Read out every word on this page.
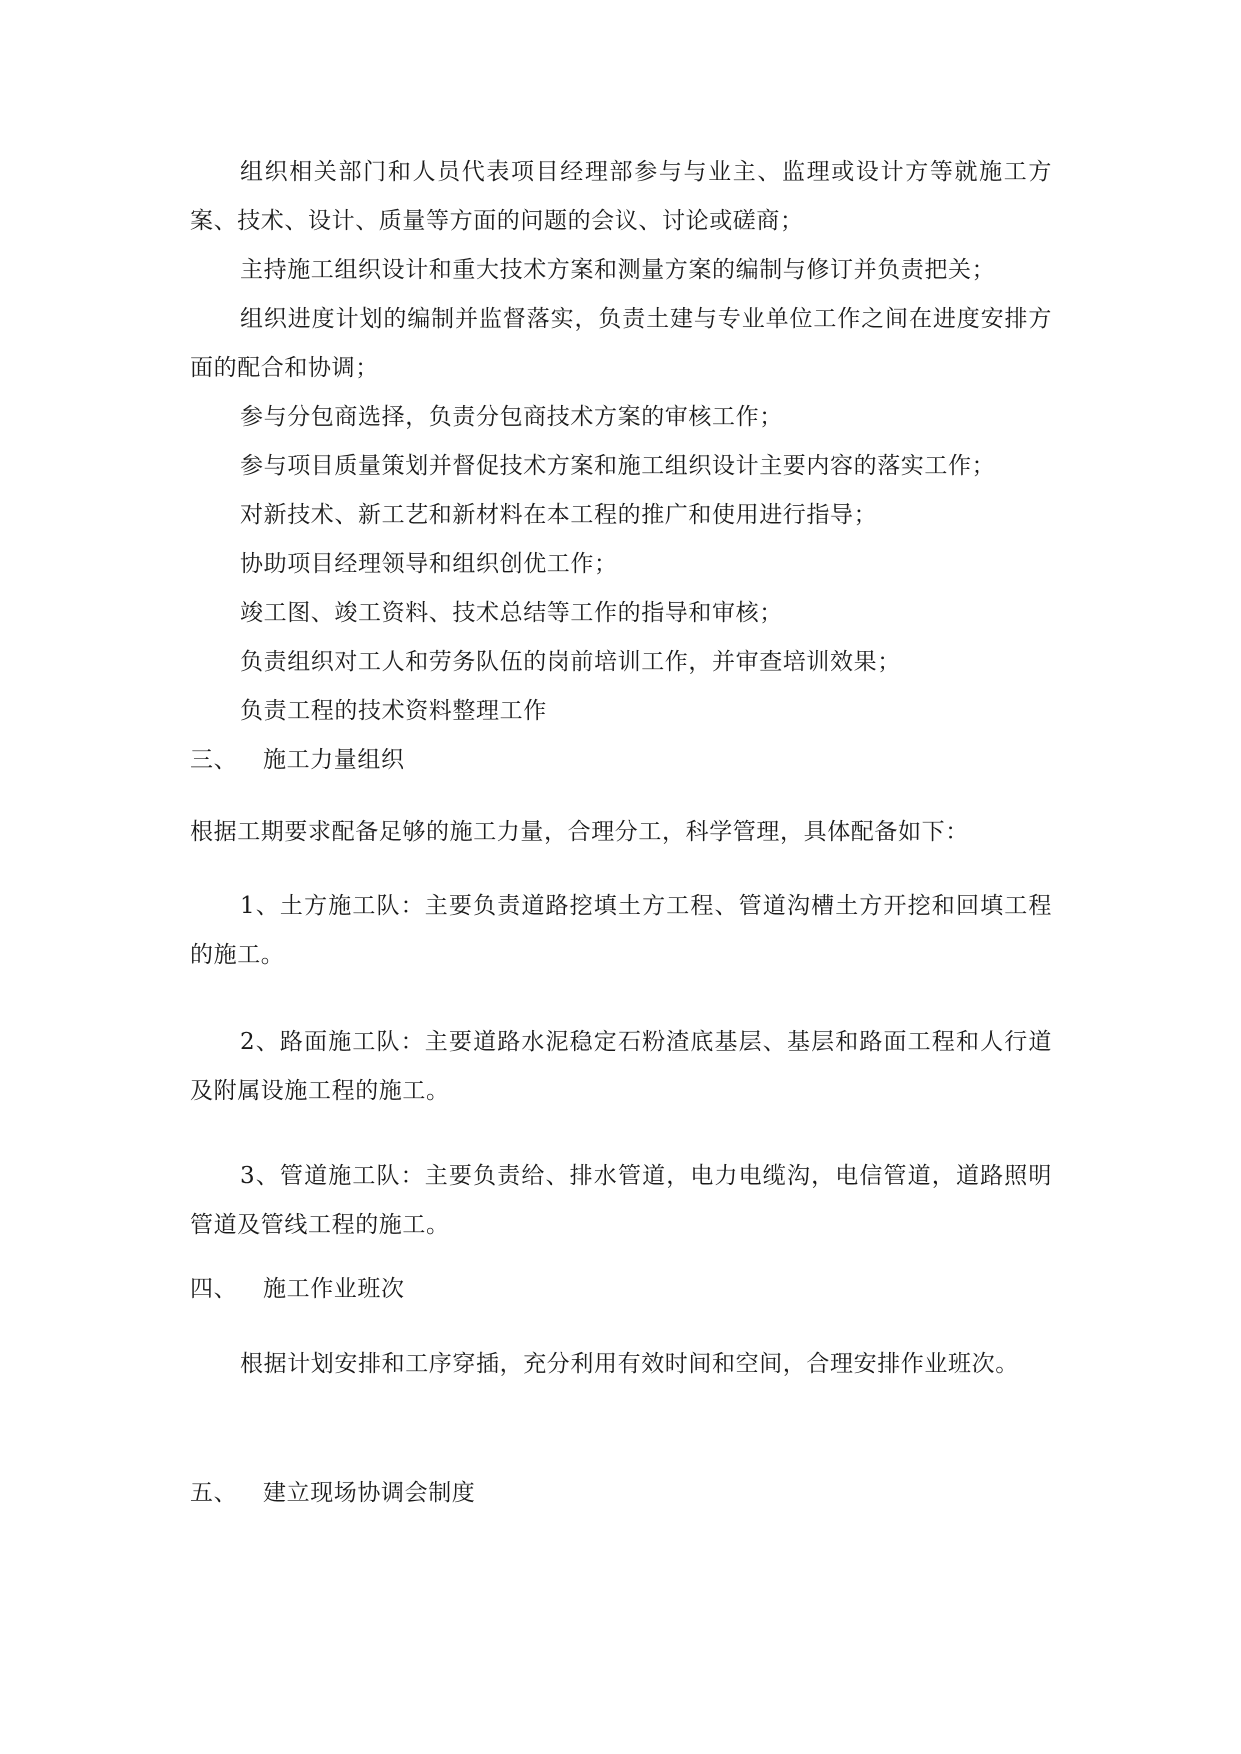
组织相关部门和人员代表项目经理部参与与业主、监理或设计方等就施工方案、技术、设计、质量等方面的问题的会议、讨论或磋商；

主持施工组织设计和重大技术方案和测量方案的编制与修订并负责把关；

组织进度计划的编制并监督落实，负责土建与专业单位工作之间在进度安排方面的配合和协调；

参与分包商选择，负责分包商技术方案的审核工作；

参与项目质量策划并督促技术方案和施工组织设计主要内容的落实工作；

对新技术、新工艺和新材料在本工程的推广和使用进行指导；

协助项目经理领导和组织创优工作；

竣工图、竣工资料、技术总结等工作的指导和审核；

负责组织对工人和劳务队伍的岗前培训工作，并审查培训效果；

负责工程的技术资料整理工作

三、 施工力量组织

根据工期要求配备足够的施工力量，合理分工，科学管理，具体配备如下：

1、土方施工队：主要负责道路挖填土方工程、管道沟槽土方开挖和回填工程的施工。

2、路面施工队：主要道路水泥稳定石粉渣底基层、基层和路面工程和人行道及附属设施工程的施工。

3、管道施工队：主要负责给、排水管道，电力电缆沟，电信管道，道路照明管道及管线工程的施工。

四、 施工作业班次

根据计划安排和工序穿插，充分利用有效时间和空间，合理安排作业班次。

五、 建立现场协调会制度
